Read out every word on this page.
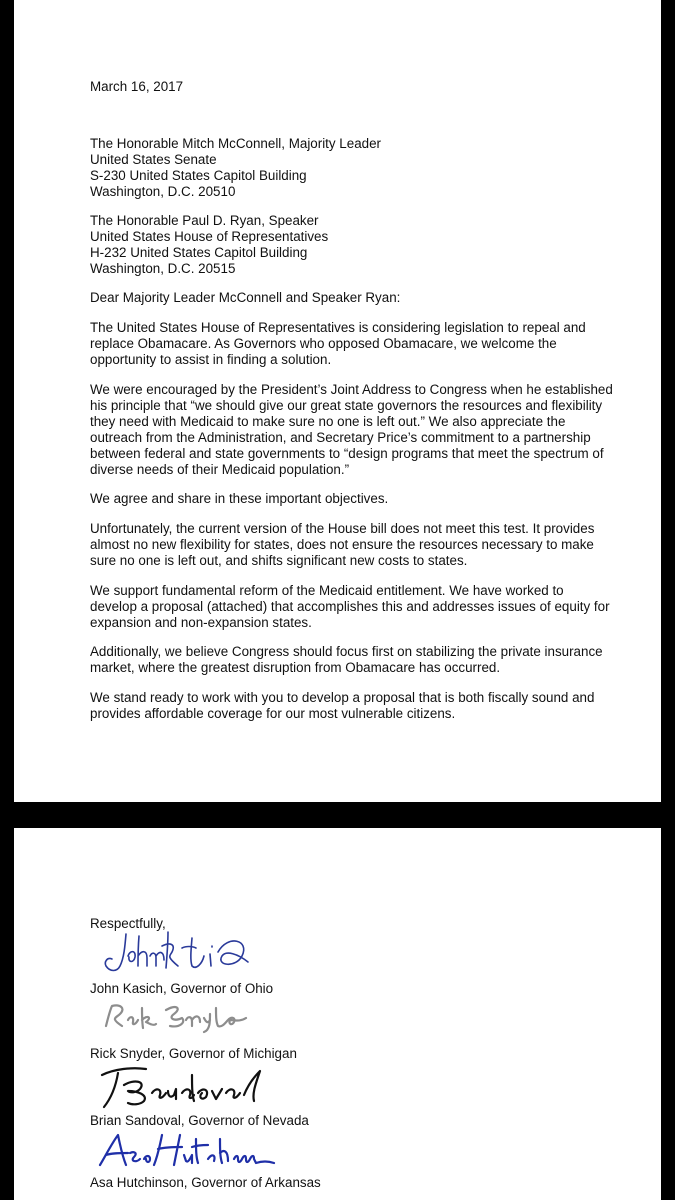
March 16, 2017

The Honorable Mitch McConnell, Majority Leader

United States Senate

S-230 United States Capitol Building

Washington, D.C. 20510

The Honorable Paul D. Ryan, Speaker

United States House of Representatives

H-232 United States Capitol Building

Washington, D.C. 20515

Dear Majority Leader McConnell and Speaker Ryan:

The United States House of Representatives is considering legislation to repeal and

replace Obamacare. As Governors who opposed Obamacare, we welcome the

opportunity to assist in finding a solution.

We were encouraged by the President’s Joint Address to Congress when he established

his principle that “we should give our great state governors the resources and flexibility

they need with Medicaid to make sure no one is left out.” We also appreciate the

outreach from the Administration, and Secretary Price’s commitment to a partnership

between federal and state governments to “design programs that meet the spectrum of

diverse needs of their Medicaid population.”

We agree and share in these important objectives.

Unfortunately, the current version of the House bill does not meet this test. It provides

almost no new flexibility for states, does not ensure the resources necessary to make

sure no one is left out, and shifts significant new costs to states.

We support fundamental reform of the Medicaid entitlement. We have worked to

develop a proposal (attached) that accomplishes this and addresses issues of equity for

expansion and non-expansion states.

Additionally, we believe Congress should focus first on stabilizing the private insurance

market, where the greatest disruption from Obamacare has occurred.

We stand ready to work with you to develop a proposal that is both fiscally sound and

provides affordable coverage for our most vulnerable citizens.

Respectfully,

John Kasich, Governor of Ohio

Rick Snyder, Governor of Michigan

Brian Sandoval, Governor of Nevada

Asa Hutchinson, Governor of Arkansas
